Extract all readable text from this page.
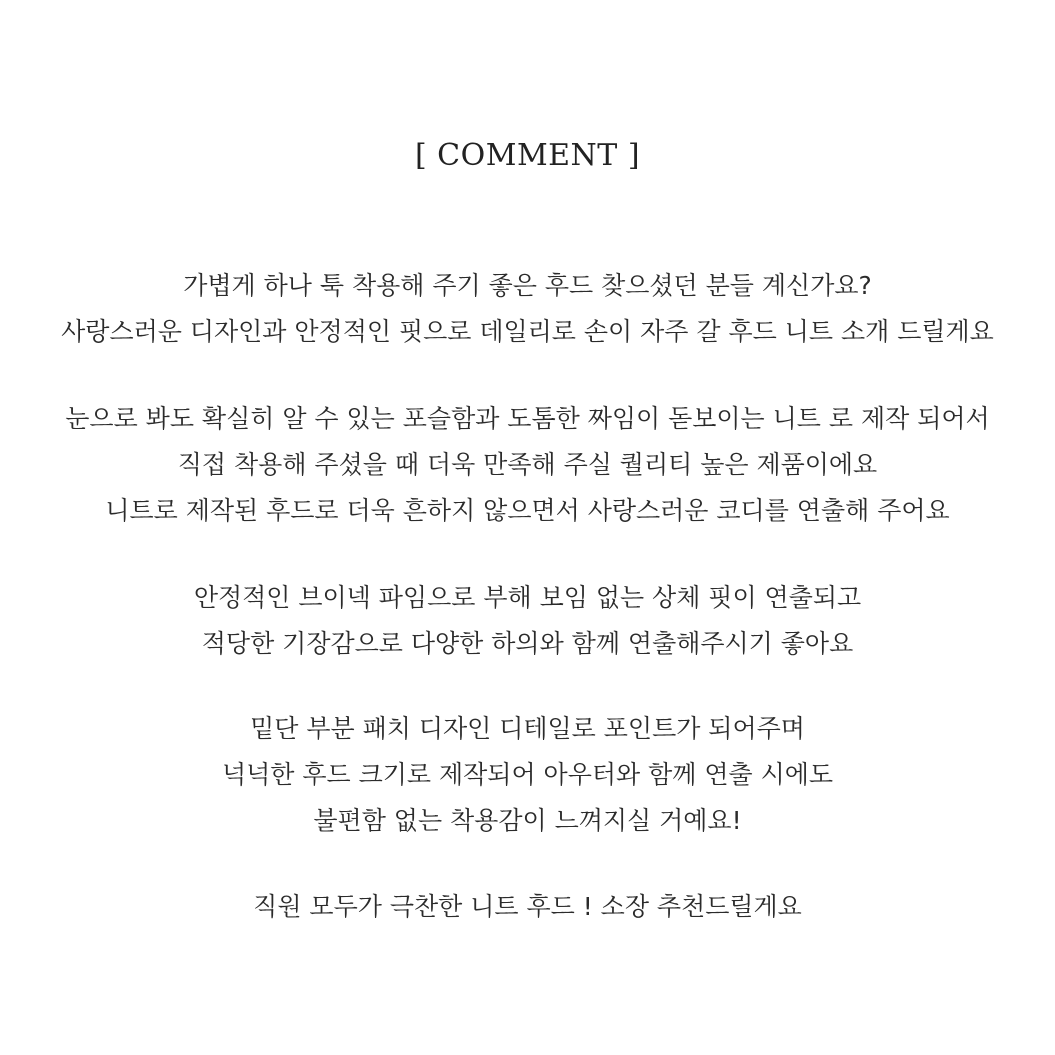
[ COMMENT ]
가볍게 하나 툭 착용해 주기 좋은 후드 찾으셨던 분들 계신가요?
사랑스러운 디자인과 안정적인 핏으로 데일리로 손이 자주 갈 후드 니트 소개 드릴게요
눈으로 봐도 확실히 알 수 있는 포슬함과 도톰한 짜임이 돋보이는 니트 로 제작 되어서
직접 착용해 주셨을 때 더욱 만족해 주실 퀄리티 높은 제품이에요
니트로 제작된 후드로 더욱 흔하지 않으면서 사랑스러운 코디를 연출해 주어요
안정적인 브이넥 파임으로 부해 보임 없는 상체 핏이 연출되고
적당한 기장감으로 다양한 하의와 함께 연출해주시기 좋아요
밑단 부분 패치 디자인 디테일로 포인트가 되어주며
넉넉한 후드 크기로 제작되어 아우터와 함께 연출 시에도
불편함 없는 착용감이 느껴지실 거예요!
직원 모두가 극찬한 니트 후드 ! 소장 추천드릴게요
